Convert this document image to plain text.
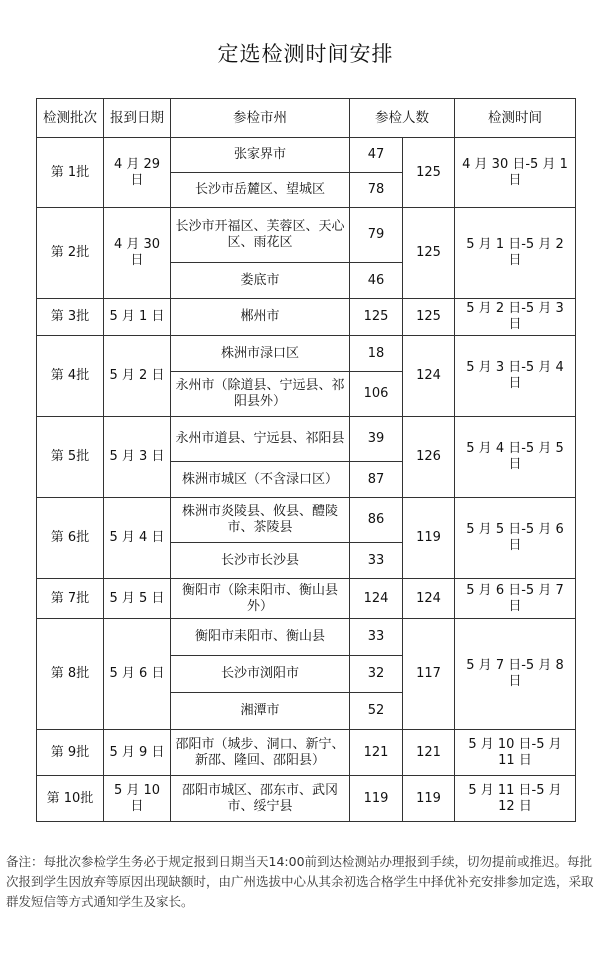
定选检测时间安排
检测批次	报到日期	参检市州	参检人数		检测时间
第 1批	4 月 29 日	张家界市	47	125	4 月 30 日-5 月 1 日
		长沙市岳麓区、望城区	78		
第 2批	4 月 30 日	长沙市开福区、芙蓉区、天心区、雨花区	79	125	5 月 1 日-5 月 2 日
		娄底市	46		
第 3批	5 月 1 日	郴州市	125	125	5 月 2 日-5 月 3 日
第 4批	5 月 2 日	株洲市渌口区	18	124	5 月 3 日-5 月 4 日
		永州市（除道县、宁远县、祁阳县外）	106		
第 5批	5 月 3 日	永州市道县、宁远县、祁阳县	39	126	5 月 4 日-5 月 5 日
		株洲市城区（不含渌口区）	87		
第 6批	5 月 4 日	株洲市炎陵县、攸县、醴陵市、茶陵县	86	119	5 月 5 日-5 月 6 日
		长沙市长沙县	33		
第 7批	5 月 5 日	衡阳市（除耒阳市、衡山县外）	124	124	5 月 6 日-5 月 7 日
第 8批	5 月 6 日	衡阳市耒阳市、衡山县	33	117	5 月 7 日-5 月 8 日
		长沙市浏阳市	32		
		湘潭市	52		
第 9批	5 月 9 日	邵阳市（城步、洞口、新宁、新邵、隆回、邵阳县）	121	121	5 月 10 日-5 月 11 日
第 10批	5 月 10 日	邵阳市城区、邵东市、武冈市、绥宁县	119	119	5 月 11 日-5 月 12 日
备注：每批次参检学生务必于规定报到日期当天14:00前到达检测站办理报到手续，切勿提前或推迟。每批次报到学生因放弃等原因出现缺额时，由广州选拔中心从其余初选合格学生中择优补充安排参加定选，采取群发短信等方式通知学生及家长。
